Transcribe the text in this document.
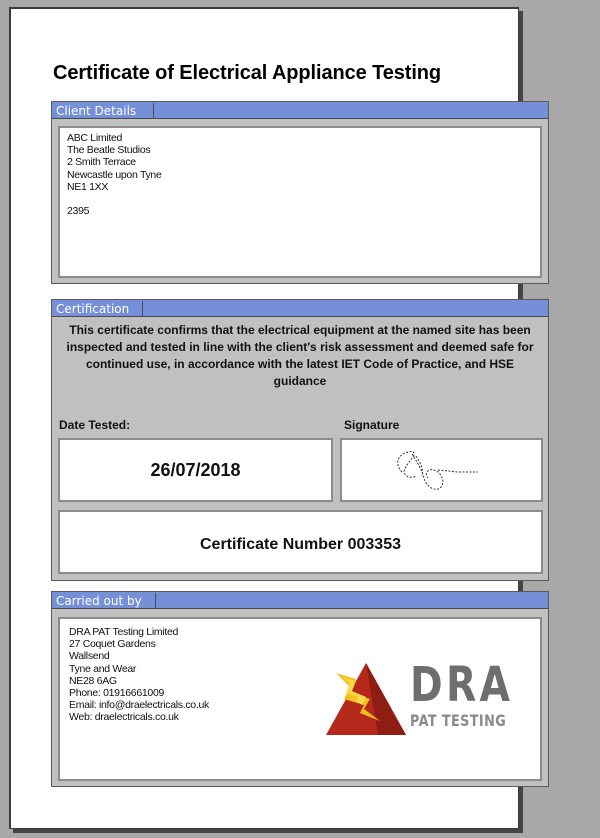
Certificate of Electrical Appliance Testing
Client Details
ABC Limited
The Beatle Studios
2 Smith Terrace
Newcastle upon Tyne
NE1 1XX
2395
Certification
This certificate confirms that the electrical equipment at the named site has been inspected and tested in line with the client's risk assessment and deemed safe for continued use, in accordance with the latest IET Code of Practice, and HSE guidance
Date Tested:	Signature
26/07/2018
Certificate Number 003353
Carried out by
DRA PAT Testing Limited
27 Coquet Gardens
Wallsend
Tyne and Wear
NE28 6AG
Phone: 01916661009
Email: info@draelectricals.co.uk
Web: draelectricals.co.uk
DRA
PAT TESTING
